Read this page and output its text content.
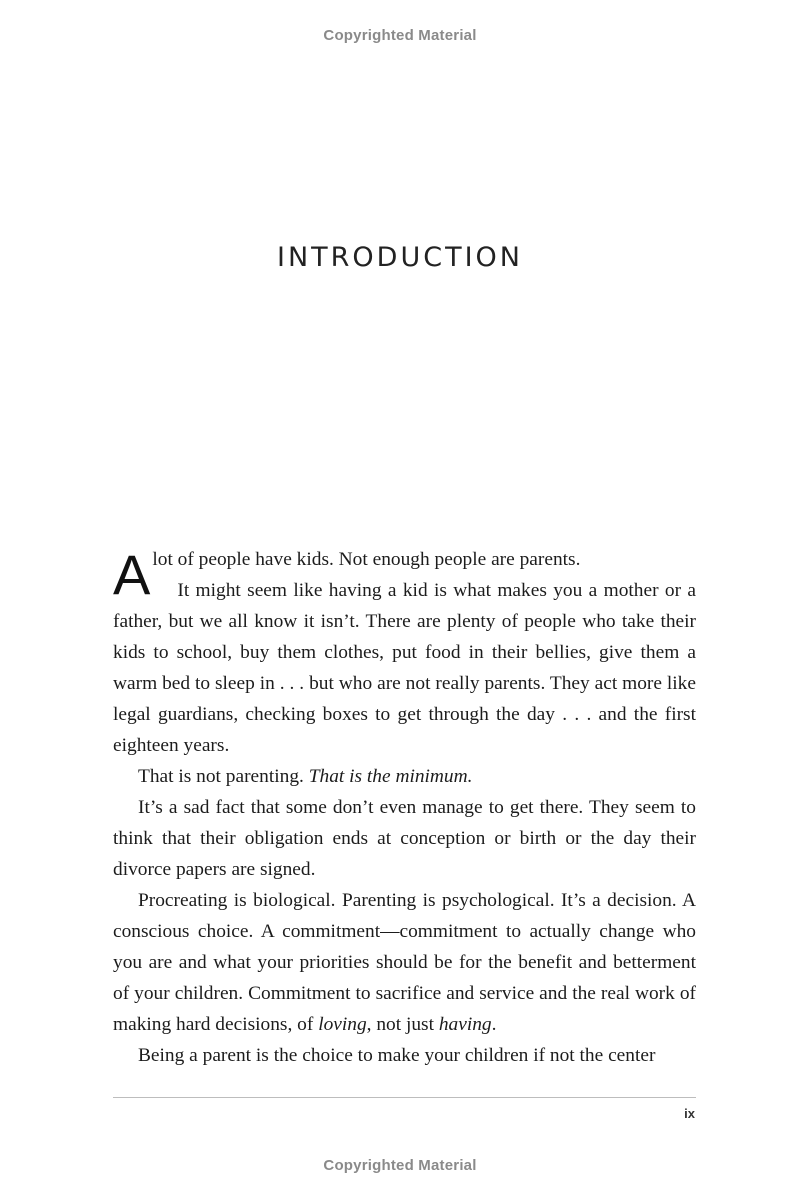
Copyrighted Material
INTRODUCTION

Alot of people have kids. Not enough people are parents.

It might seem like having a kid is what makes you a mother or a father, but we all know it isn’t. There are plenty of people who take their kids to school, buy them clothes, put food in their bellies, give them a warm bed to sleep in . . . but who are not really parents. They act more like legal guardians, checking boxes to get through the day . . . and the first eighteen years.

That is not parenting. That is the minimum.

It’s a sad fact that some don’t even manage to get there. They seem to think that their obligation ends at conception or birth or the day their divorce papers are signed.

Procreating is biological. Parenting is psychological. It’s a decision. A conscious choice. A commitment—commitment to actually change who you are and what your priorities should be for the benefit and betterment of your children. Commitment to sacrifice and service and the real work of making hard decisions, of loving, not just having.

Being a parent is the choice to make your children if not the center

ix
Copyrighted Material
